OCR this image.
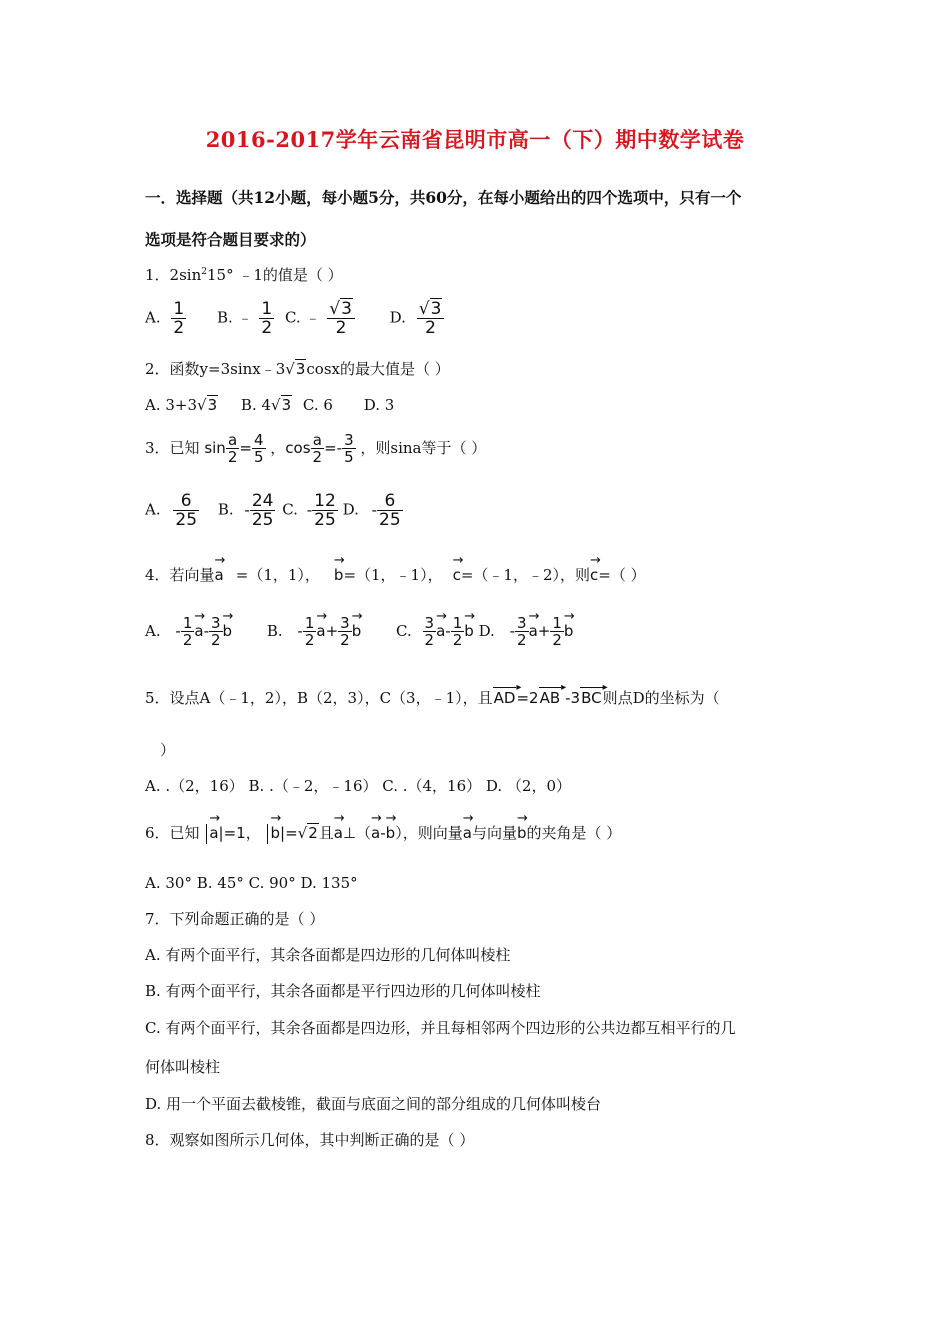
2016-2017学年云南省昆明市高一（下）期中数学试卷
一．选择题（共12小题，每小题5分，共60分，在每小题给出的四个选项中，只有一个
选项是符合题目要求的）
1．$2\sin^215^\circ$ ﹣1的值是（ ）
A. $\frac{1}{2} B$. ﹣ $\frac{1}{2} C$. ﹣ $\frac{√3}{2} D$. $\frac{√3}{2}$
2．函数y=3sinx﹣3√3cosx的最大值是（ ）
A. 3+3√3 B. 4√3 C. 6 D. 3
3．已知 $\sin \frac{a}{2} = \frac{4}{5}$ ，$\cos \frac{a}{2} =- \frac{3}{5}$ ，则sina等于（ ）
A. $\frac{6}{25} B$. - $\frac{24}{25} C$. - $\frac{12}{25} D$. - $\frac{6}{25}$
4．若向量→ a =（1，1），→ b=（1，﹣1），→ c=（﹣1，﹣2），则→ c=（ ）
A. - $\frac{1}{2}$
→ $a- \frac{3}{2}$
→ b B. - $\frac{1}{2}$
→ $a+ \frac{3}{2}$
→ b C. $\frac{3}{2}$
→ $a- \frac{1}{2}$
→ b D. - $\frac{3}{2}$
→ $a+ \frac{1}{2}$
→ b
5．设点A（﹣1，2），B（2，3），C（3，﹣1），且AD ▸=2AB ▸ -3BC ▸则点D的坐标为（
）
A. .（2，16） B. .（﹣2，﹣16） C. .（4，16） D. （2，0）
6．已知 → a|=1， → b|=√2且→ a⊥（→ a-→ b），则向量→ a与向量→ b的夹角是（ ）
A. 30° B. 45° C. 90° D. 135°
7．下列命题正确的是（ ）
A. 有两个面平行，其余各面都是四边形的几何体叫棱柱
B. 有两个面平行，其余各面都是平行四边形的几何体叫棱柱
C. 有两个面平行，其余各面都是四边形，并且每相邻两个四边形的公共边都互相平行的几
何体叫棱柱
D. 用一个平面去截棱锥，截面与底面之间的部分组成的几何体叫棱台
8．观察如图所示几何体，其中判断正确的是（ ）
